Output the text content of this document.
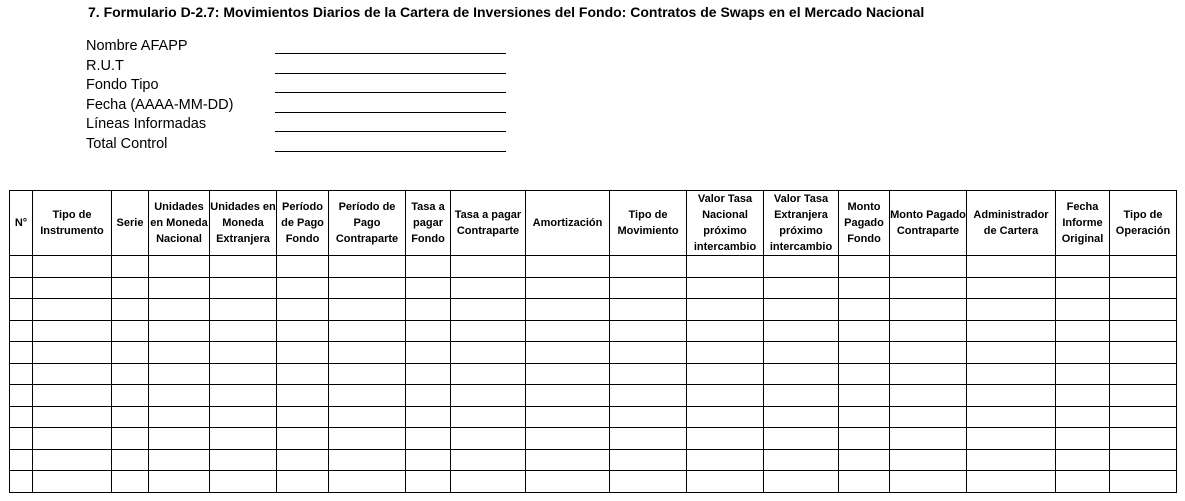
7. Formulario D-2.7: Movimientos Diarios de la Cartera de Inversiones del Fondo: Contratos de Swaps en el Mercado Nacional
Nombre AFAPP
R.U.T
Fondo Tipo
Fecha (AAAA-MM-DD)
Líneas Informadas
Total Control
N°	Tipo de Instrumento	Serie	Unidades en Moneda Nacional	Unidades en Moneda Extranjera	Período de Pago Fondo	Período de Pago Contraparte	Tasa a pagar Fondo	Tasa a pagar Contraparte	Amortización	Tipo de Movimiento	Valor Tasa Nacional próximo intercambio	Valor Tasa Extranjera próximo intercambio	Monto Pagado Fondo	Monto Pagado Contraparte	Administrador de Cartera	Fecha Informe Original	Tipo de Operación
